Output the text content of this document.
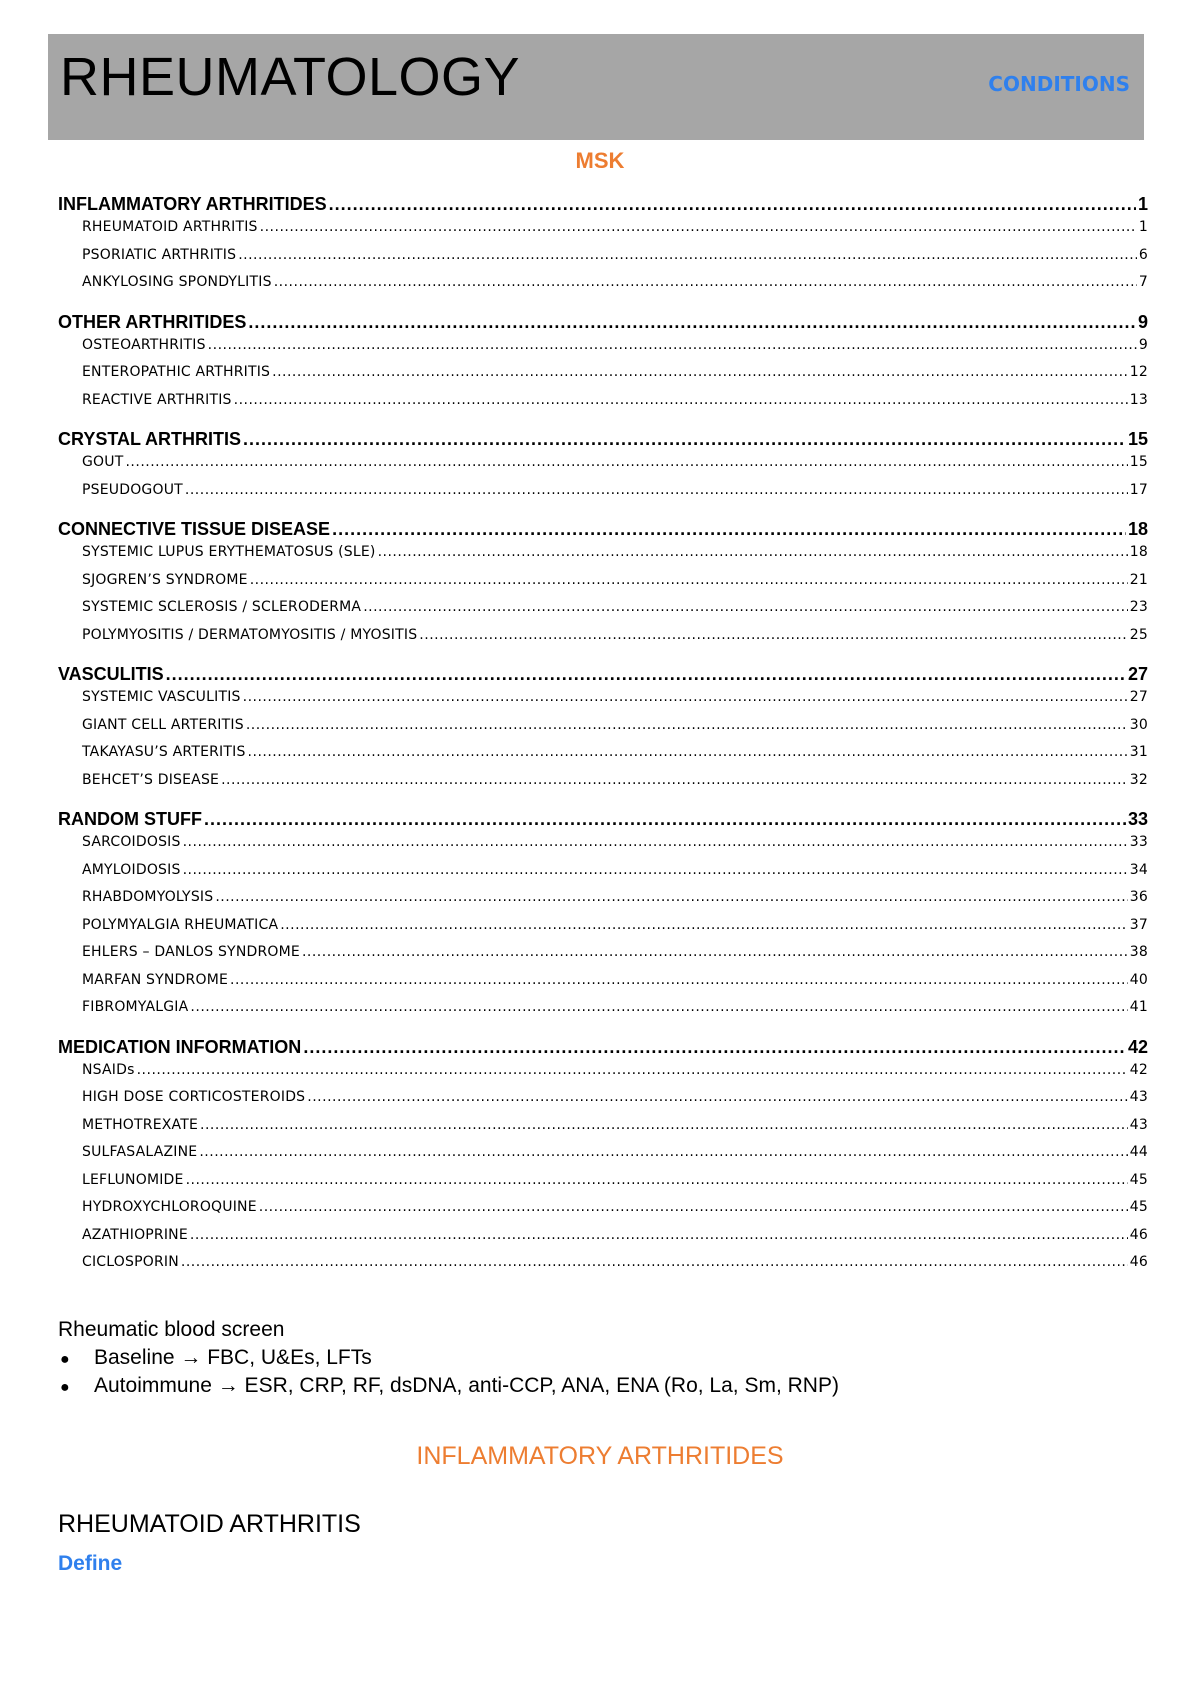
RHEUMATOLOGY	CONDITIONS
MSK
INFLAMMATORY ARTHRITIDES .....	1
RHEUMATOID ARTHRITIS .....	1
PSORIATIC ARTHRITIS .....	6
ANKYLOSING SPONDYLITIS .....	7
OTHER ARTHRITIDES .....	9
OSTEOARTHRITIS .....	9
ENTEROPATHIC ARTHRITIS .....	12
REACTIVE ARTHRITIS .....	13
CRYSTAL ARTHRITIS .....	15
GOUT .....	15
PSEUDOGOUT .....	17
CONNECTIVE TISSUE DISEASE .....	18
SYSTEMIC LUPUS ERYTHEMATOSUS (SLE) .....	18
SJOGREN’S SYNDROME .....	21
SYSTEMIC SCLEROSIS / SCLERODERMA .....	23
POLYMYOSITIS / DERMATOMYOSITIS / MYOSITIS .....	25
VASCULITIS .....	27
SYSTEMIC VASCULITIS .....	27
GIANT CELL ARTERITIS .....	30
TAKAYASU’S ARTERITIS .....	31
BEHCET’S DISEASE .....	32
RANDOM STUFF .....	33
SARCOIDOSIS .....	33
AMYLOIDOSIS .....	34
RHABDOMYOLYSIS .....	36
POLYMYALGIA RHEUMATICA .....	37
EHLERS – DANLOS SYNDROME .....	38
MARFAN SYNDROME .....	40
FIBROMYALGIA .....	41
MEDICATION INFORMATION .....	42
NSAIDs .....	42
HIGH DOSE CORTICOSTEROIDS .....	43
METHOTREXATE .....	43
SULFASALAZINE .....	44
LEFLUNOMIDE .....	45
HYDROXYCHLOROQUINE .....	45
AZATHIOPRINE .....	46
CICLOSPORIN .....	46
Rheumatic blood screen
● Baseline → FBC, U&Es, LFTs
● Autoimmune → ESR, CRP, RF, dsDNA, anti-CCP, ANA, ENA (Ro, La, Sm, RNP)
INFLAMMATORY ARTHRITIDES
RHEUMATOID ARTHRITIS
Define
